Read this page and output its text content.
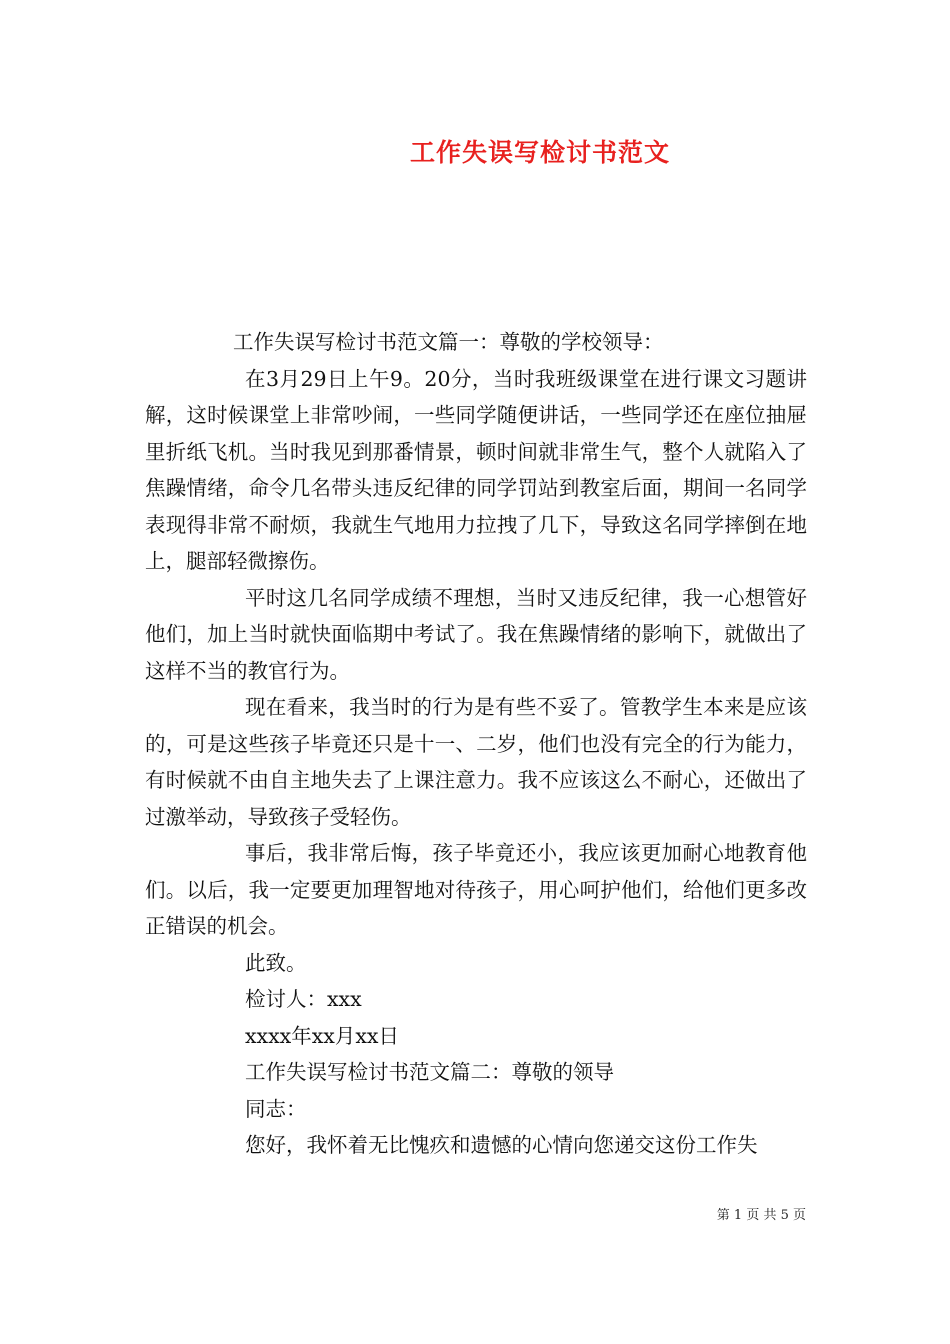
工作失误写检讨书范文

工作失误写检讨书范文篇一：尊敬的学校领导：

在3月29日上午9。20分，当时我班级课堂在进行课文习题讲解，这时候课堂上非常吵闹，一些同学随便讲话，一些同学还在座位抽屉里折纸飞机。当时我见到那番情景，顿时间就非常生气，整个人就陷入了焦躁情绪，命令几名带头违反纪律的同学罚站到教室后面，期间一名同学表现得非常不耐烦，我就生气地用力拉拽了几下，导致这名同学摔倒在地上，腿部轻微擦伤。

平时这几名同学成绩不理想，当时又违反纪律，我一心想管好他们，加上当时就快面临期中考试了。我在焦躁情绪的影响下，就做出了这样不当的教官行为。

现在看来，我当时的行为是有些不妥了。管教学生本来是应该的，可是这些孩子毕竟还只是十一、二岁，他们也没有完全的行为能力，有时候就不由自主地失去了上课注意力。我不应该这么不耐心，还做出了过激举动，导致孩子受轻伤。

事后，我非常后悔，孩子毕竟还小，我应该更加耐心地教育他们。以后，我一定要更加理智地对待孩子，用心呵护他们，给他们更多改正错误的机会。

此致。

检讨人：xxx

xxxx年xx月xx日

工作失误写检讨书范文篇二：尊敬的领导

同志：

您好，我怀着无比愧疚和遗憾的心情向您递交这份工作失

第 1 页 共 5 页
